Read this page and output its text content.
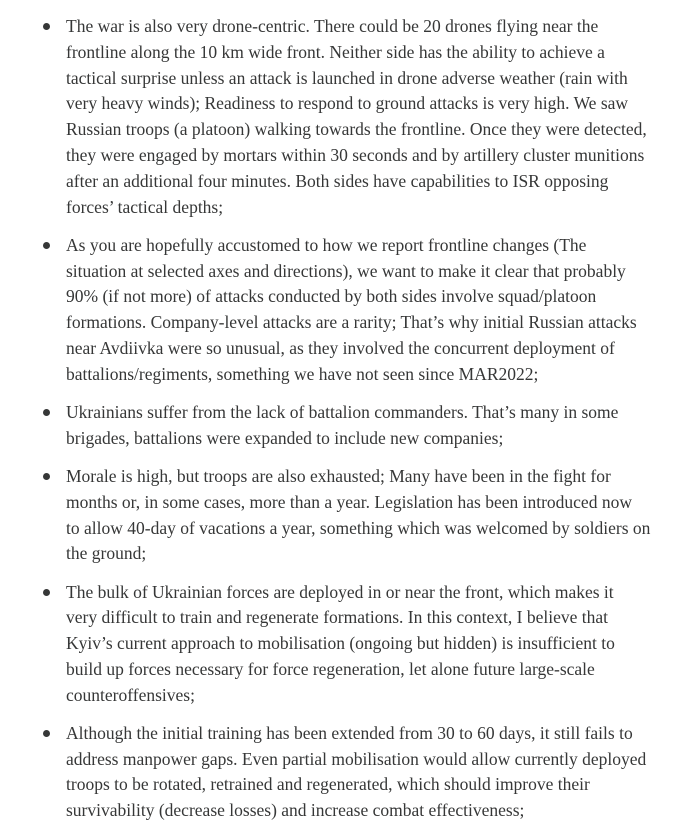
The war is also very drone-centric. There could be 20 drones flying near the
frontline along the 10 km wide front. Neither side has the ability to achieve a
tactical surprise unless an attack is launched in drone adverse weather (rain with
very heavy winds); Readiness to respond to ground attacks is very high. We saw
Russian troops (a platoon) walking towards the frontline. Once they were detected,
they were engaged by mortars within 30 seconds and by artillery cluster munitions
after an additional four minutes. Both sides have capabilities to ISR opposing
forces’ tactical depths;
As you are hopefully accustomed to how we report frontline changes (The
situation at selected axes and directions), we want to make it clear that probably
90% (if not more) of attacks conducted by both sides involve squad/platoon
formations. Company-level attacks are a rarity; That’s why initial Russian attacks
near Avdiivka were so unusual, as they involved the concurrent deployment of
battalions/regiments, something we have not seen since MAR2022;
Ukrainians suffer from the lack of battalion commanders. That’s many in some
brigades, battalions were expanded to include new companies;
Morale is high, but troops are also exhausted; Many have been in the fight for
months or, in some cases, more than a year. Legislation has been introduced now
to allow 40-day of vacations a year, something which was welcomed by soldiers on
the ground;
The bulk of Ukrainian forces are deployed in or near the front, which makes it
very difficult to train and regenerate formations. In this context, I believe that
Kyiv’s current approach to mobilisation (ongoing but hidden) is insufficient to
build up forces necessary for force regeneration, let alone future large-scale
counteroffensives;
Although the initial training has been extended from 30 to 60 days, it still fails to
address manpower gaps. Even partial mobilisation would allow currently deployed
troops to be rotated, retrained and regenerated, which should improve their
survivability (decrease losses) and increase combat effectiveness;
